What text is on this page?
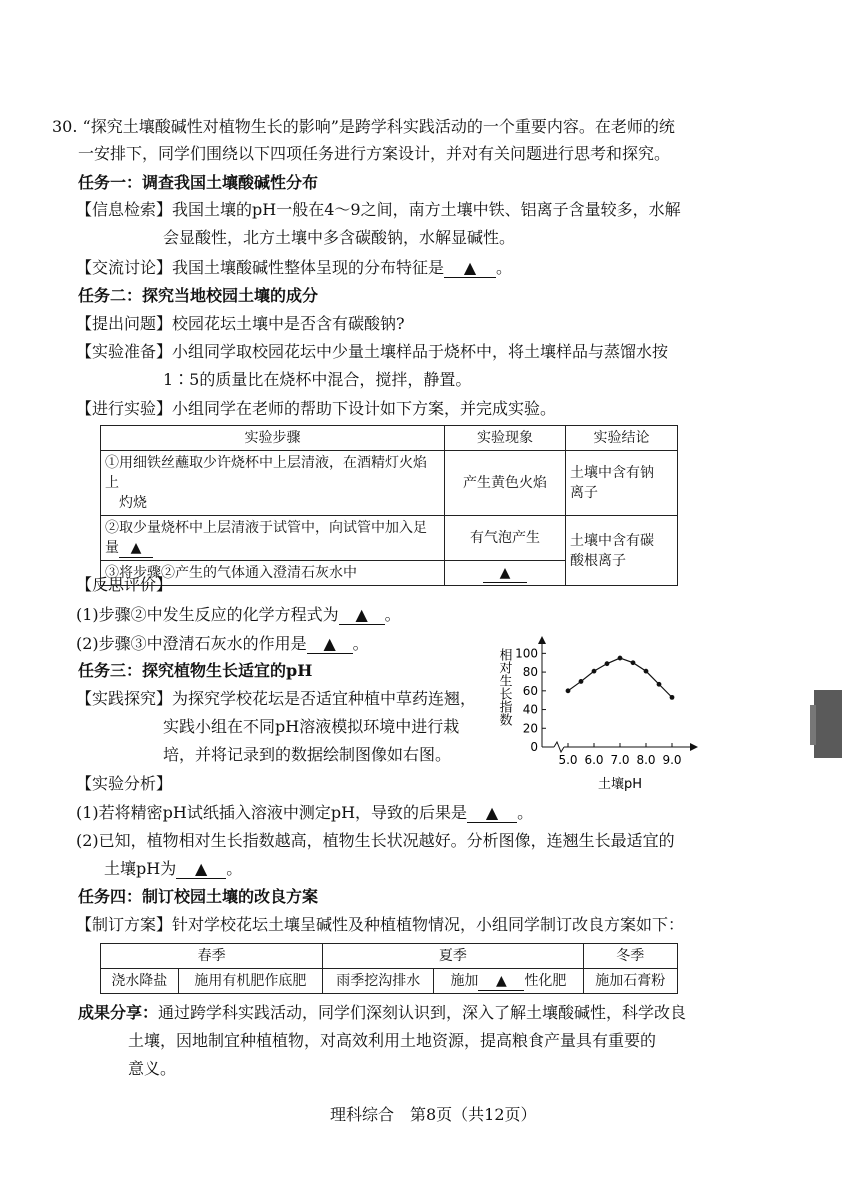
30. “探究土壤酸碱性对植物生长的影响”是跨学科实践活动的一个重要内容。在老师的统
一安排下，同学们围绕以下四项任务进行方案设计，并对有关问题进行思考和探究。
任务一：调查我国土壤酸碱性分布
【信息检索】我国土壤的pH一般在4～9之间，南方土壤中铁、铝离子含量较多，水解
会显酸性，北方土壤中多含碳酸钠，水解显碱性。
【交流讨论】我国土壤酸碱性整体呈现的分布特征是 ▲ 。
任务二：探究当地校园土壤的成分
【提出问题】校园花坛土壤中是否含有碳酸钠?
【实验准备】小组同学取校园花坛中少量土壤样品于烧杯中，将土壤样品与蒸馏水按
1∶5的质量比在烧杯中混合，搅拌，静置。
【进行实验】小组同学在老师的帮助下设计如下方案，并完成实验。
实验步骤	实验现象	实验结论
①用细铁丝蘸取少许烧杯中上层清液，在酒精灯火焰上
灼烧	产生黄色火焰	土壤中含有钠
离子
②取少量烧杯中上层清液于试管中，向试管中加入足
量 ▲	有气泡产生	土壤中含有碳
酸根离子
③将步骤②产生的气体通入澄清石灰水中	▲	
【反思评价】
(1)步骤②中发生反应的化学方程式为 ▲ 。
(2)步骤③中澄清石灰水的作用是 ▲ 。
任务三：探究植物生长适宜的pH
【实践探究】为探究学校花坛是否适宜种植中草药连翘，
实践小组在不同pH溶液模拟环境中进行栽
培，并将记录到的数据绘制图像如右图。
相对生长指数
土壤pH
0
20
40
60
80
100
5.0 6.0 7.0 8.0 9.0
【实验分析】
(1)若将精密pH试纸插入溶液中测定pH，导致的后果是 ▲ 。
(2)已知，植物相对生长指数越高，植物生长状况越好。分析图像，连翘生长最适宜的
土壤pH为 ▲ 。
任务四：制订校园土壤的改良方案
【制订方案】针对学校花坛土壤呈碱性及种植植物情况，小组同学制订改良方案如下：
春季		夏季		冬季
浇水降盐	施用有机肥作底肥	雨季挖沟排水	施加 ▲ 性化肥	施加石膏粉
成果分享：通过跨学科实践活动，同学们深刻认识到，深入了解土壤酸碱性，科学改良
土壤，因地制宜种植植物，对高效利用土地资源，提高粮食产量具有重要的
意义。
理科综合　第8页（共12页）
